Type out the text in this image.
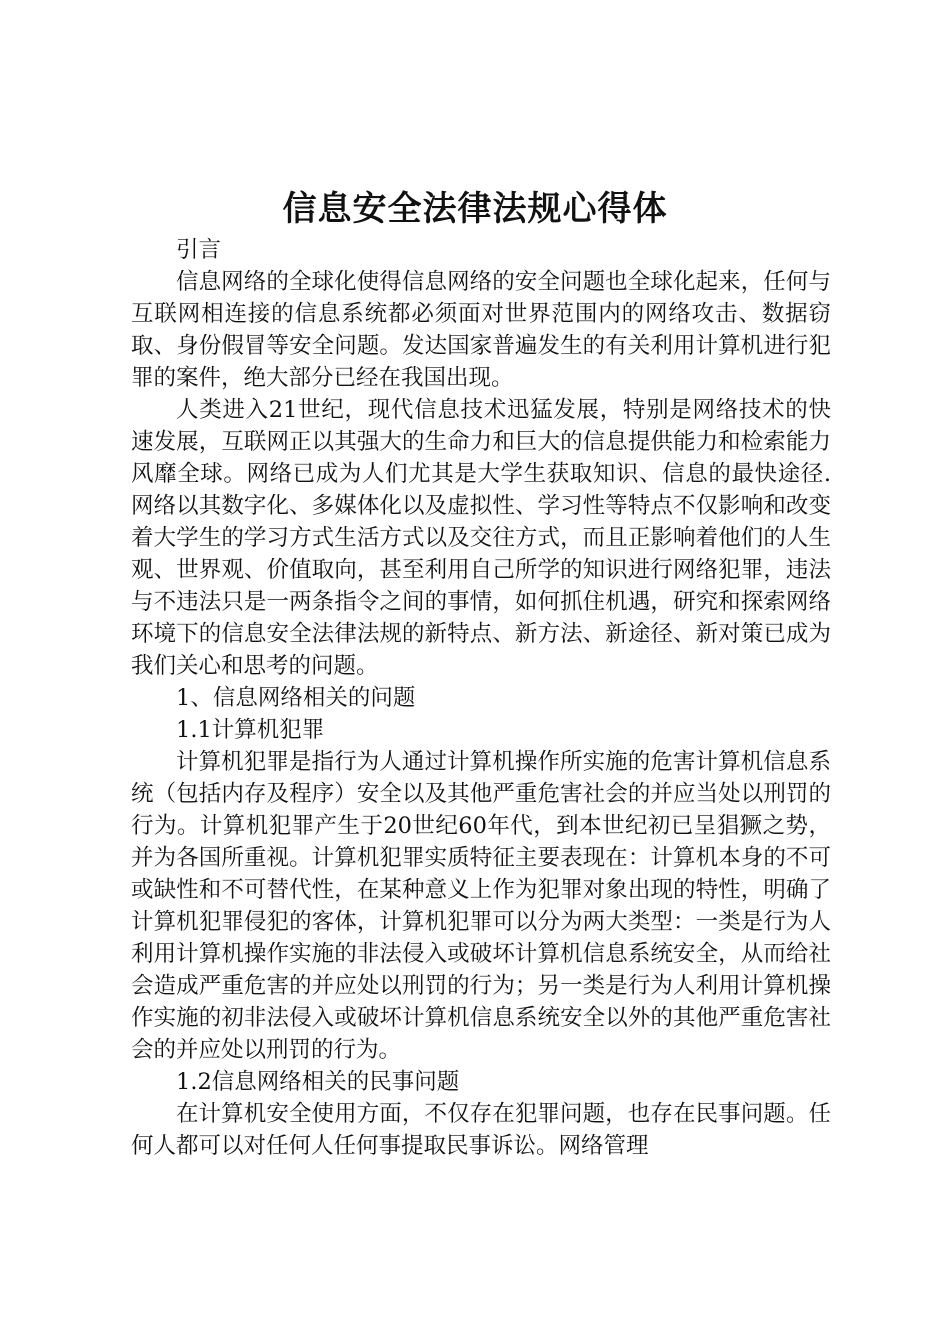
信息安全法律法规心得体

引言

信息网络的全球化使得信息网络的安全问题也全球化起来，任何与互联网相连接的信息系统都必须面对世界范围内的网络攻击、数据窃取、身份假冒等安全问题。发达国家普遍发生的有关利用计算机进行犯罪的案件，绝大部分已经在我国出现。

人类进入21世纪，现代信息技术迅猛发展，特别是网络技术的快速发展，互联网正以其强大的生命力和巨大的信息提供能力和检索能力风靡全球。网络已成为人们尤其是大学生获取知识、信息的最快途径.网络以其数字化、多媒体化以及虚拟性、学习性等特点不仅影响和改变着大学生的学习方式生活方式以及交往方式，而且正影响着他们的人生观、世界观、价值取向，甚至利用自己所学的知识进行网络犯罪，违法与不违法只是一两条指令之间的事情，如何抓住机遇，研究和探索网络环境下的信息安全法律法规的新特点、新方法、新途径、新对策已成为我们关心和思考的问题。

1、信息网络相关的问题

1.1计算机犯罪

计算机犯罪是指行为人通过计算机操作所实施的危害计算机信息系统（包括内存及程序）安全以及其他严重危害社会的并应当处以刑罚的行为。计算机犯罪产生于20世纪60年代，到本世纪初已呈猖獗之势，并为各国所重视。计算机犯罪实质特征主要表现在：计算机本身的不可或缺性和不可替代性，在某种意义上作为犯罪对象出现的特性，明确了计算机犯罪侵犯的客体，计算机犯罪可以分为两大类型：一类是行为人利用计算机操作实施的非法侵入或破坏计算机信息系统安全，从而给社会造成严重危害的并应处以刑罚的行为；另一类是行为人利用计算机操作实施的初非法侵入或破坏计算机信息系统安全以外的其他严重危害社会的并应处以刑罚的行为。

1.2信息网络相关的民事问题

在计算机安全使用方面，不仅存在犯罪问题，也存在民事问题。任何人都可以对任何人任何事提取民事诉讼。网络管理
